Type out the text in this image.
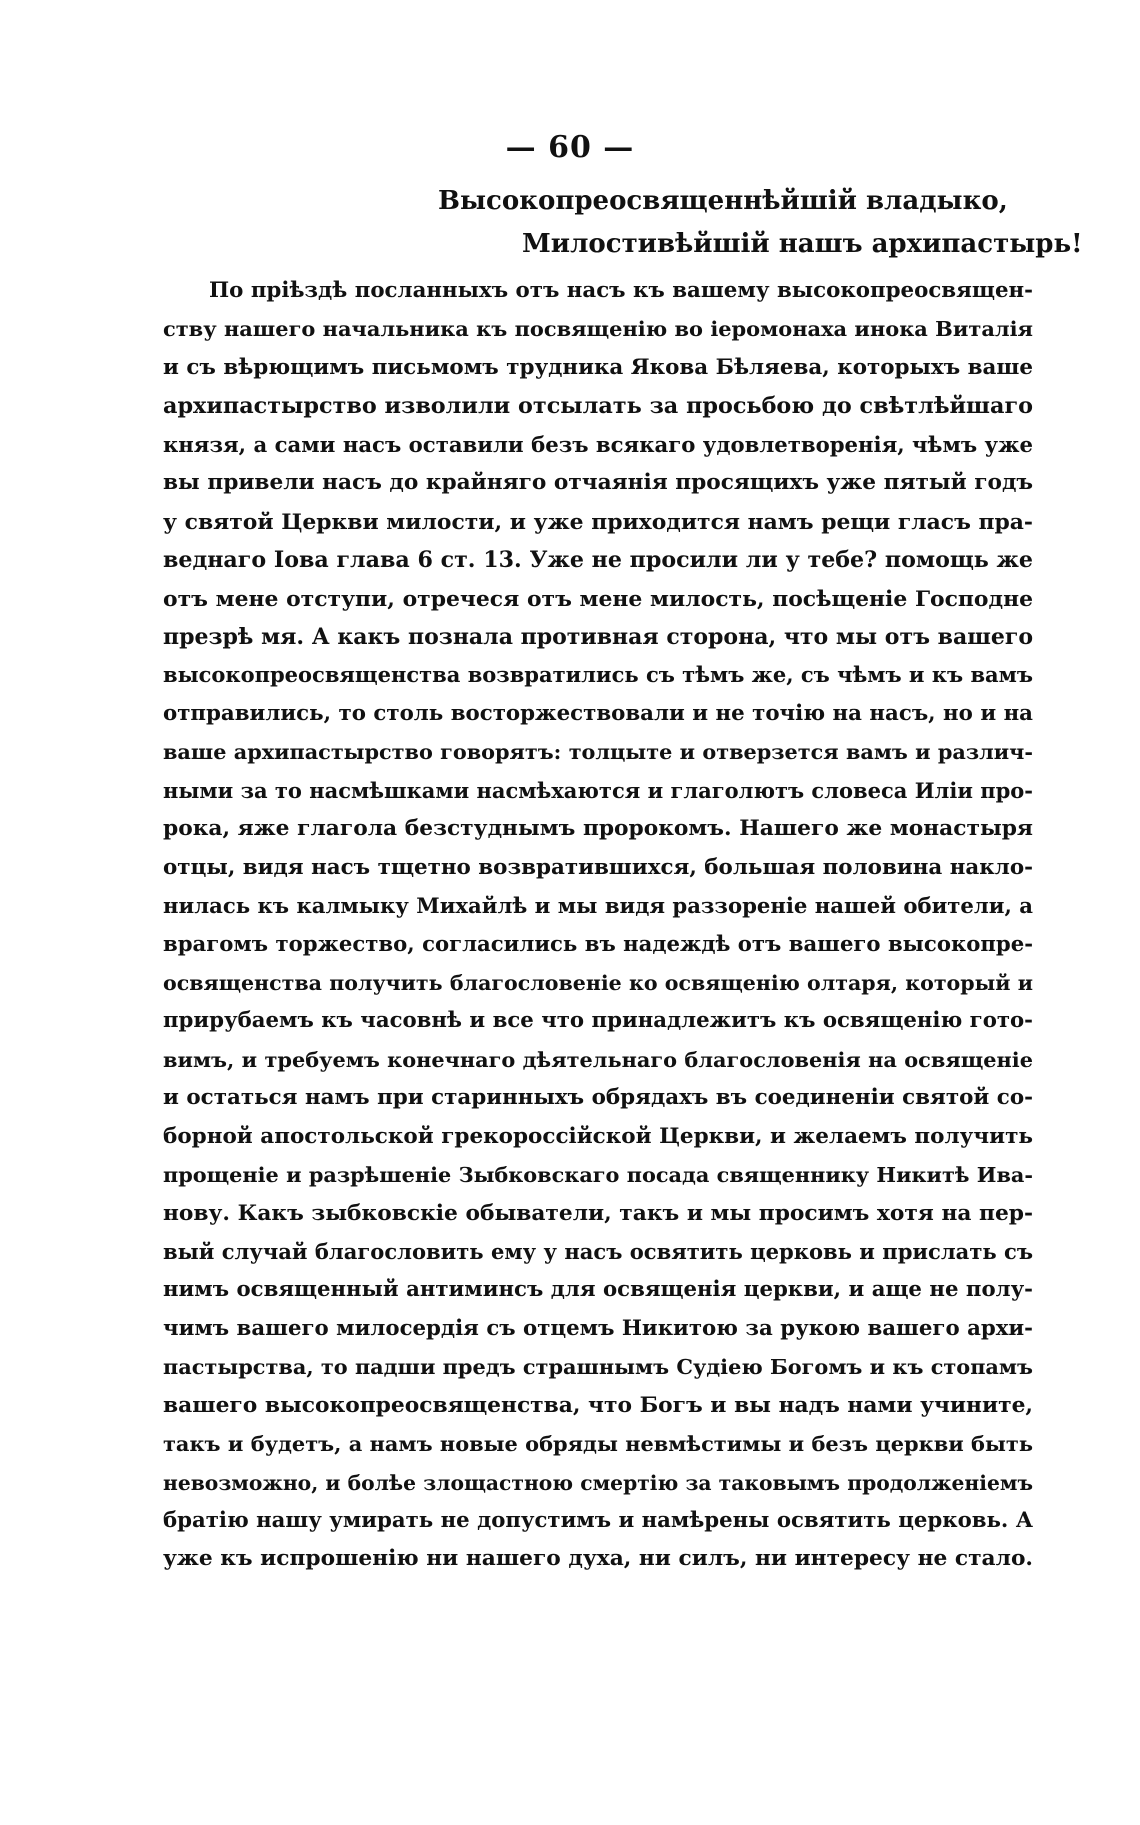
— 60 —
Высокопреосвященнѣйшiй владыко,
Милостивѣйшiй нашъ архипастырь!
По прiѣздѣ посланныхъ отъ насъ къ вашему высокопреосвящен-
ству нашего начальника къ посвященiю во iеромонаха инока Виталiя
и съ вѣрющимъ письмомъ трудника Якова Бѣляева, которыхъ ваше
архипастырство изволили отсылать за просьбою до свѣтлѣйшаго
князя, а сами насъ оставили безъ всякаго удовлетворенiя, чѣмъ уже
вы привели насъ до крайняго отчаянiя просящихъ уже пятый годъ
у святой Церкви милости, и уже приходится намъ рещи гласъ пра-
веднаго Iова глава 6 ст. 13. Уже не просили ли у тебе? помощь же
отъ мене отступи, отречеся отъ мене милость, посѣщенiе Господне
презрѣ мя. А какъ познала противная сторона, что мы отъ вашего
высокопреосвященства возвратились съ тѣмъ же, съ чѣмъ и къ вамъ
отправились, то столь восторжествовали и не точiю на насъ, но и на
ваше архипастырство говорятъ: толцыте и отверзется вамъ и различ-
ными за то насмѣшками насмѣхаются и глаголютъ словеса Илiи про-
рока, яже глагола безстуднымъ пророкомъ. Нашего же монастыря
отцы, видя насъ тщетно возвратившихся, большая половина накло-
нилась къ калмыку Михайлѣ и мы видя раззоренiе нашей обители, а
врагомъ торжество, согласились въ надеждѣ отъ вашего высокопре-
освященства получить благословенiе ко освященiю олтаря, который и
прирубаемъ къ часовнѣ и все что принадлежитъ къ освященiю гото-
вимъ, и требуемъ конечнаго дѣятельнаго благословенiя на освященiе
и остаться намъ при старинныхъ обрядахъ въ соединенiи святой со-
борной апостольской грекороссiйской Церкви, и желаемъ получить
прощенiе и разрѣшенiе Зыбковскаго посада священнику Никитѣ Ива-
нову. Какъ зыбковскiе обыватели, такъ и мы просимъ хотя на пер-
вый случай благословить ему у насъ освятить церковь и прислать съ
нимъ освященный антиминсъ для освященiя церкви, и аще не полу-
чимъ вашего милосердiя съ отцемъ Никитою за рукою вашего архи-
пастырства, то падши предъ страшнымъ Судiею Богомъ и къ стопамъ
вашего высокопреосвященства, что Богъ и вы надъ нами учините,
такъ и будетъ, а намъ новые обряды невмѣстимы и безъ церкви быть
невозможно, и болѣе злощастною смертiю за таковымъ продолженiемъ
братiю нашу умирать не допустимъ и намѣрены освятить церковь. А
уже къ испрошенiю ни нашего духа, ни силъ, ни интересу не стало.
